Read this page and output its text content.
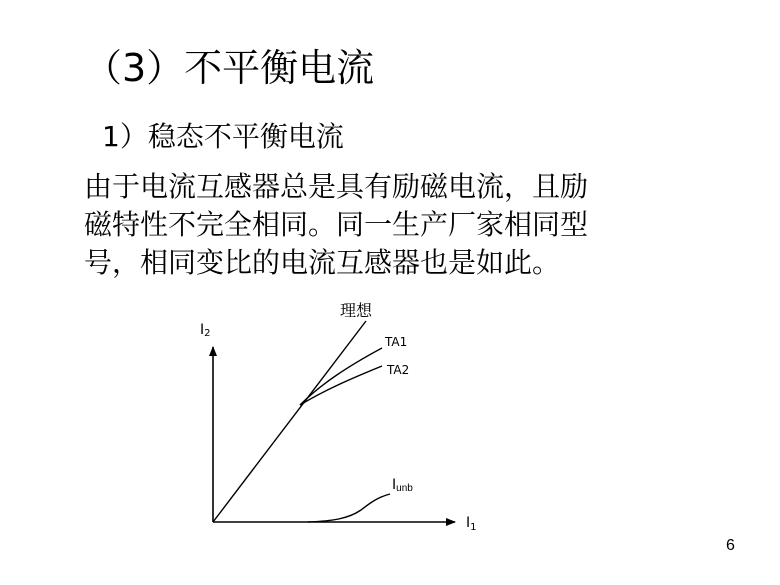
（3）不平衡电流
1）稳态不平衡电流
由于电流互感器总是具有励磁电流，且励
磁特性不完全相同。同一生产厂家相同型
号，相同变比的电流互感器也是如此。
理想
TA1
TA2
I2
$I_1$
Iunb
6
